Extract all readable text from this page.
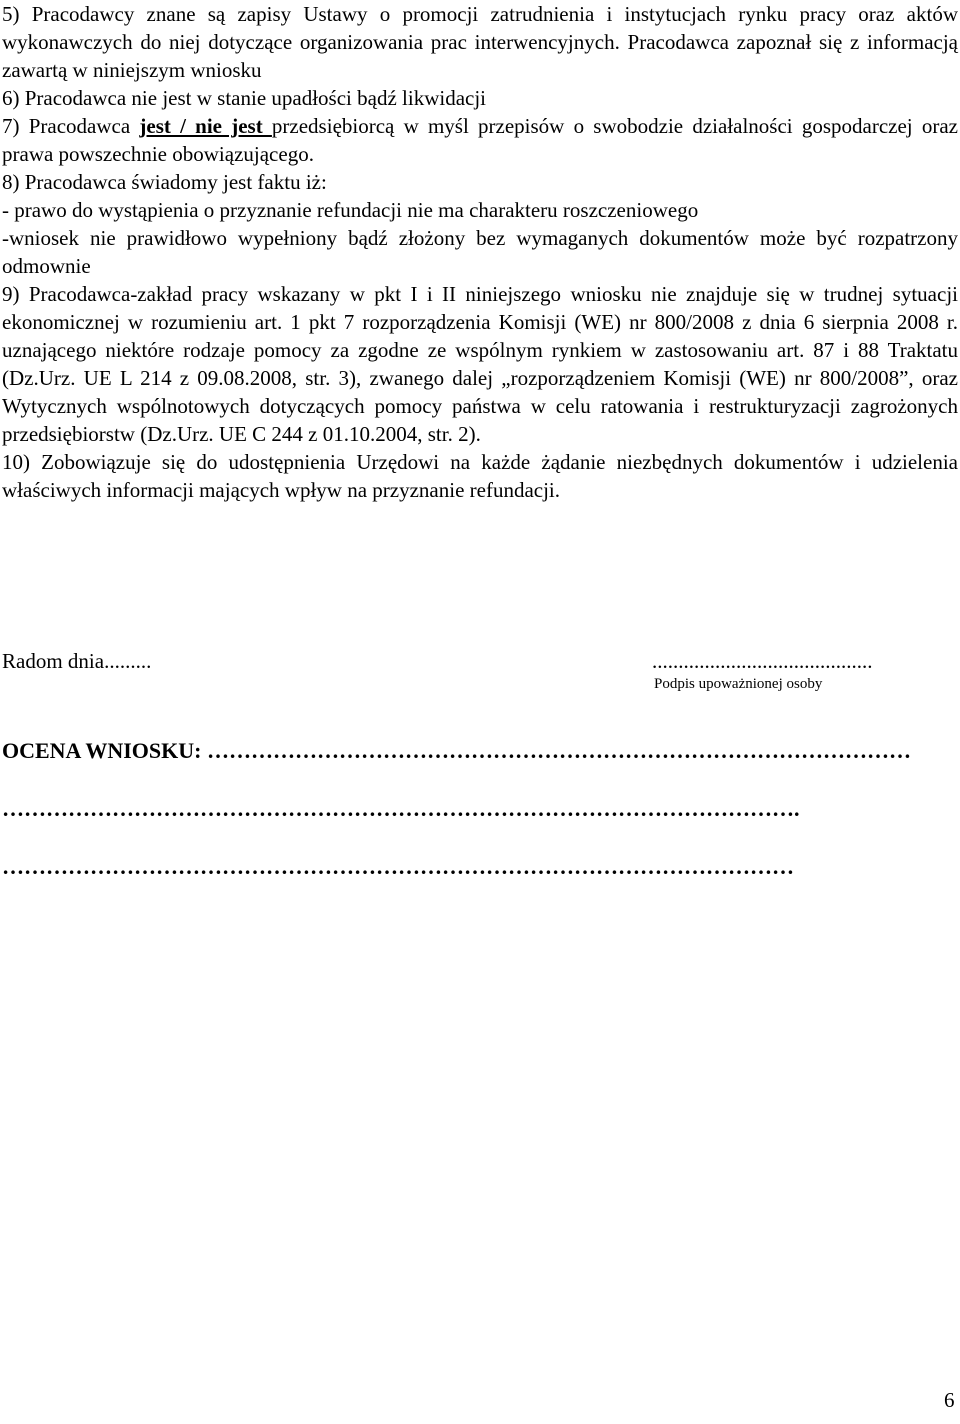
5) Pracodawcy znane są zapisy Ustawy o promocji zatrudnienia i instytucjach rynku pracy oraz aktów wykonawczych do niej dotyczące organizowania prac interwencyjnych. Pracodawca zapoznał się z informacją zawartą w niniejszym wniosku

6) Pracodawca nie jest w stanie upadłości bądź likwidacji

7) Pracodawca jest / nie jest przedsiębiorcą w myśl przepisów o swobodzie działalności gospodarczej oraz prawa powszechnie obowiązującego.

8) Pracodawca świadomy jest faktu iż:

- prawo do wystąpienia o przyznanie refundacji nie ma charakteru roszczeniowego

-wniosek nie prawidłowo wypełniony bądź złożony bez wymaganych dokumentów może być rozpatrzony odmownie

9) Pracodawca-zakład pracy wskazany w pkt I i II niniejszego wniosku nie znajduje się w trudnej sytuacji ekonomicznej w rozumieniu art. 1 pkt 7 rozporządzenia Komisji (WE) nr 800/2008 z dnia 6 sierpnia 2008 r. uznającego niektóre rodzaje pomocy za zgodne ze wspólnym rynkiem w zastosowaniu art. 87 i 88 Traktatu (Dz.Urz. UE L 214 z 09.08.2008, str. 3), zwanego dalej „rozporządzeniem Komisji (WE) nr 800/2008”, oraz Wytycznych wspólnotowych dotyczących pomocy państwa w celu ratowania i restrukturyzacji zagrożonych przedsiębiorstw (Dz.Urz. UE C 244 z 01.10.2004, str. 2).

10) Zobowiązuje się do udostępnienia Urzędowi na każde żądanie niezbędnych dokumentów i udzielenia właściwych informacji mających wpływ na przyznanie refundacji.

Radom dnia.........	..........................................
Podpis upoważnionej osoby
OCENA WNIOSKU: ……………………………………………………………………………………
……………………………………………………………………………………………….
………………………………………………………………………………………………
6
